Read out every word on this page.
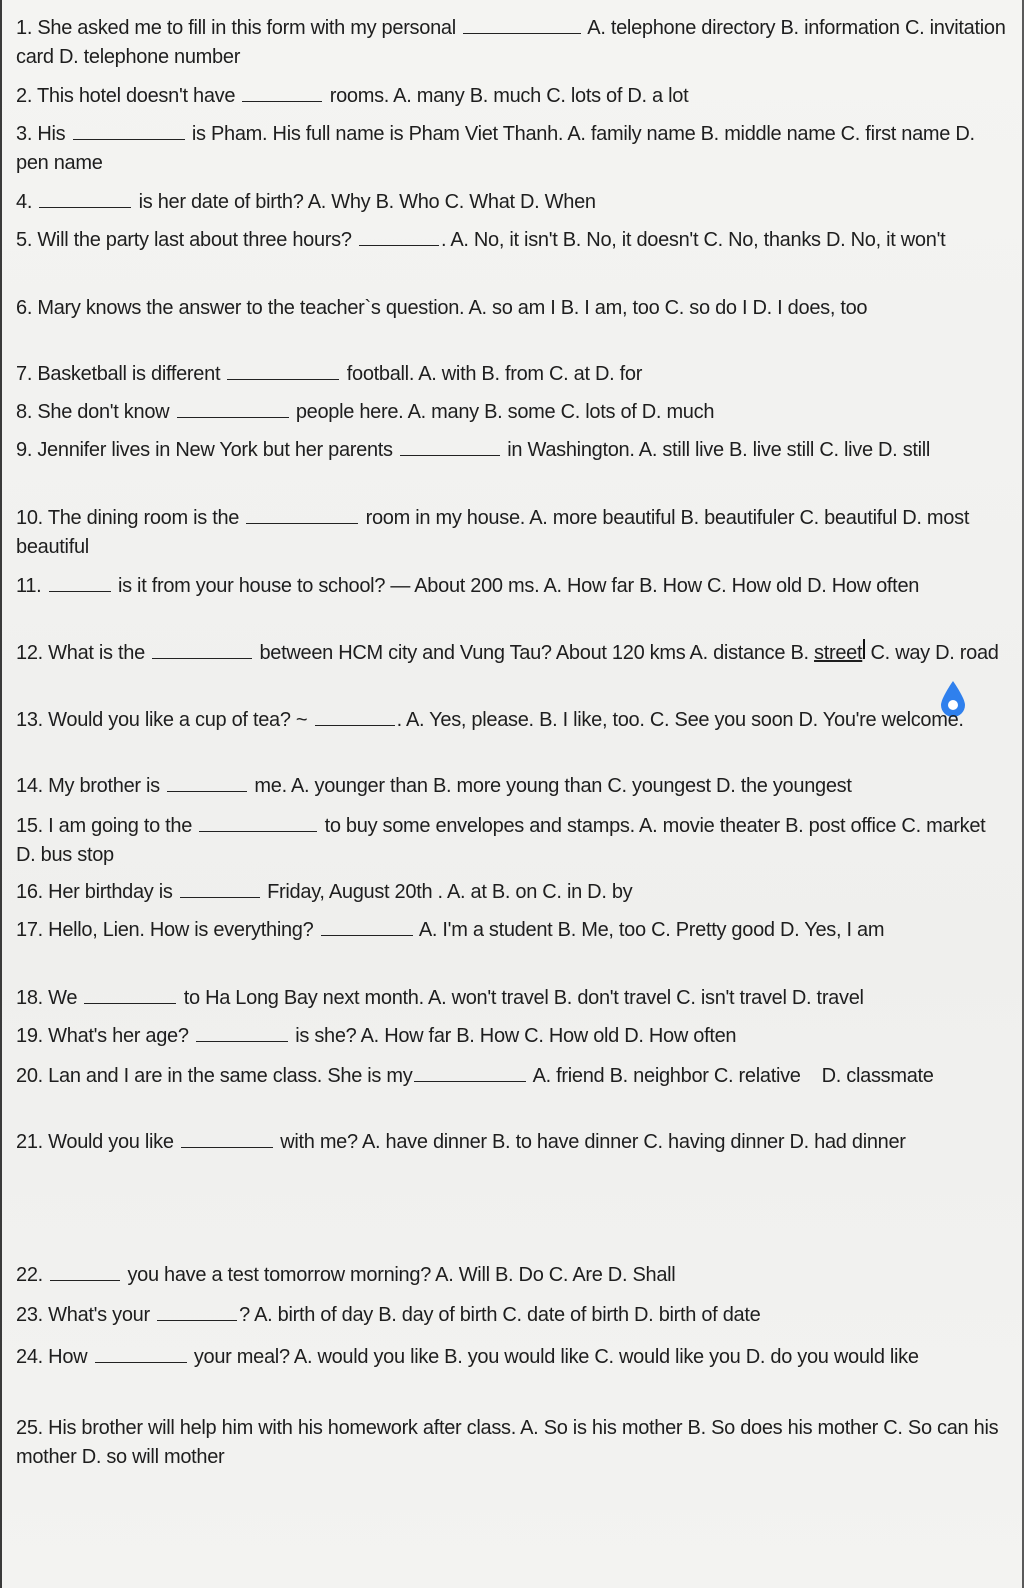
1. She asked me to fill in this form with my personal	A. telephone directory B. information C. invitation card D. telephone number
2. This hotel doesn't have	rooms. A. many B. much C. lots of D. a lot
3. His	is Pham. His full name is Pham Viet Thanh. A. family name B. middle name C. first name D. pen name
4.	is her date of birth? A. Why B. Who C. What D. When
5. Will the party last about three hours?	. A. No, it isn't B. No, it doesn't C. No, thanks D. No, it won't
6. Mary knows the answer to the teacher`s question. A. so am I B. I am, too C. so do I D. I does, too
7. Basketball is different	football. A. with B. from C. at D. for
8. She don't know	people here. A. many B. some C. lots of D. much
9. Jennifer lives in New York but her parents	in Washington. A. still live B. live still C. live D. still
10. The dining room is the	room in my house. A. more beautiful B. beautifuler C. beautiful D. most beautiful
11.	is it from your house to school? ― About 200 ms. A. How far B. How C. How old D. How often
12. What is the	between HCM city and Vung Tau? About 120 kms A. distance B. street C. way D. road
13. Would you like a cup of tea? ~	. A. Yes, please. B. I like, too. C. See you soon D. You're welcome.
14. My brother is	me. A. younger than B. more young than C. youngest D. the youngest
15. I am going to the	to buy some envelopes and stamps. A. movie theater B. post office C. market D. bus stop
16. Her birthday is	Friday, August 20th . A. at B. on C. in D. by
17. Hello, Lien. How is everything?	A. I'm a student B. Me, too C. Pretty good D. Yes, I am
18. We	to Ha Long Bay next month. A. won't travel B. don't travel C. isn't travel D. travel
19. What's her age?	is she? A. How far B. How C. How old D. How often
20. Lan and I are in the same class. She is my	A. friend B. neighbor C. relative    D. classmate
21. Would you like	with me? A. have dinner B. to have dinner C. having dinner D. had dinner
22.	you have a test tomorrow morning? A. Will B. Do C. Are D. Shall
23. What's your	? A. birth of day B. day of birth C. date of birth D. birth of date
24. How	your meal? A. would you like B. you would like C. would like you D. do you would like
25. His brother will help him with his homework after class. A. So is his mother B. So does his mother C. So can his mother D. so will mother
